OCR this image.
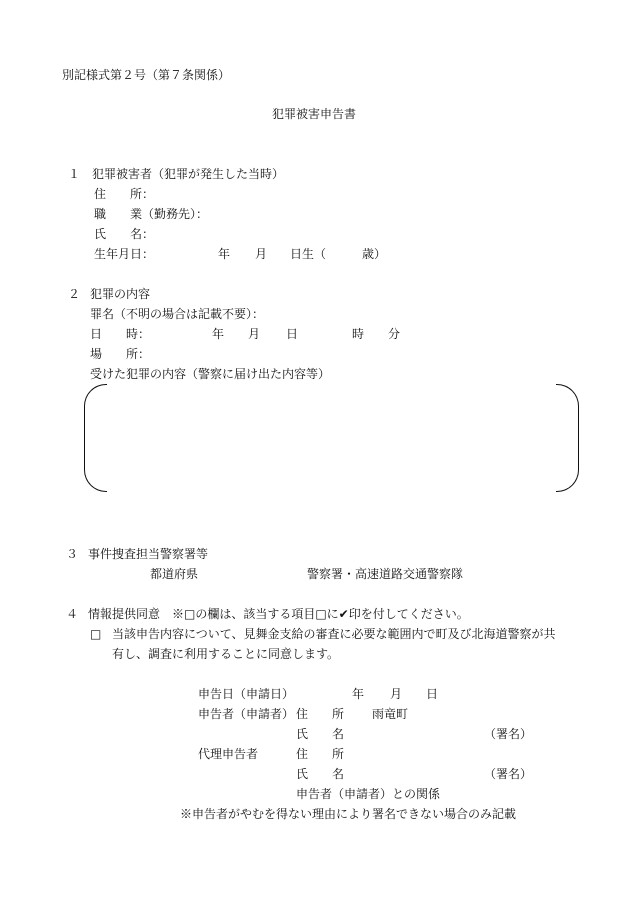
別記様式第２号（第７条関係）
犯罪被害申告書
１ 犯罪被害者（犯罪が発生した当時）
住　　所：
職　　業（勤務先）：
氏　　名：
生年月日：	年 月 日生（	歳）
２ 犯罪の内容
罪名（不明の場合は記載不要）：
日　　時：	年 月 日	時 分
場　　所：
受けた犯罪の内容（警察に届け出た内容等）
３ 事件捜査担当警察署等
都道府県	警察署・高速道路交通警察隊
４ 情報提供同意　※□の欄は、該当する項目□に✔印を付してください。
□ 当該申告内容について、見舞金支給の審査に必要な範囲内で町及び北海道警察が共
有し、調査に利用することに同意します。
申告日（申請日）	年 月 日
申告者（申請者） 住　　所 雨竜町
氏　　名	（署名）
代理申告者	住　　所
氏　　名	（署名）
申告者（申請者）との関係
※申告者がやむを得ない理由により署名できない場合のみ記載
